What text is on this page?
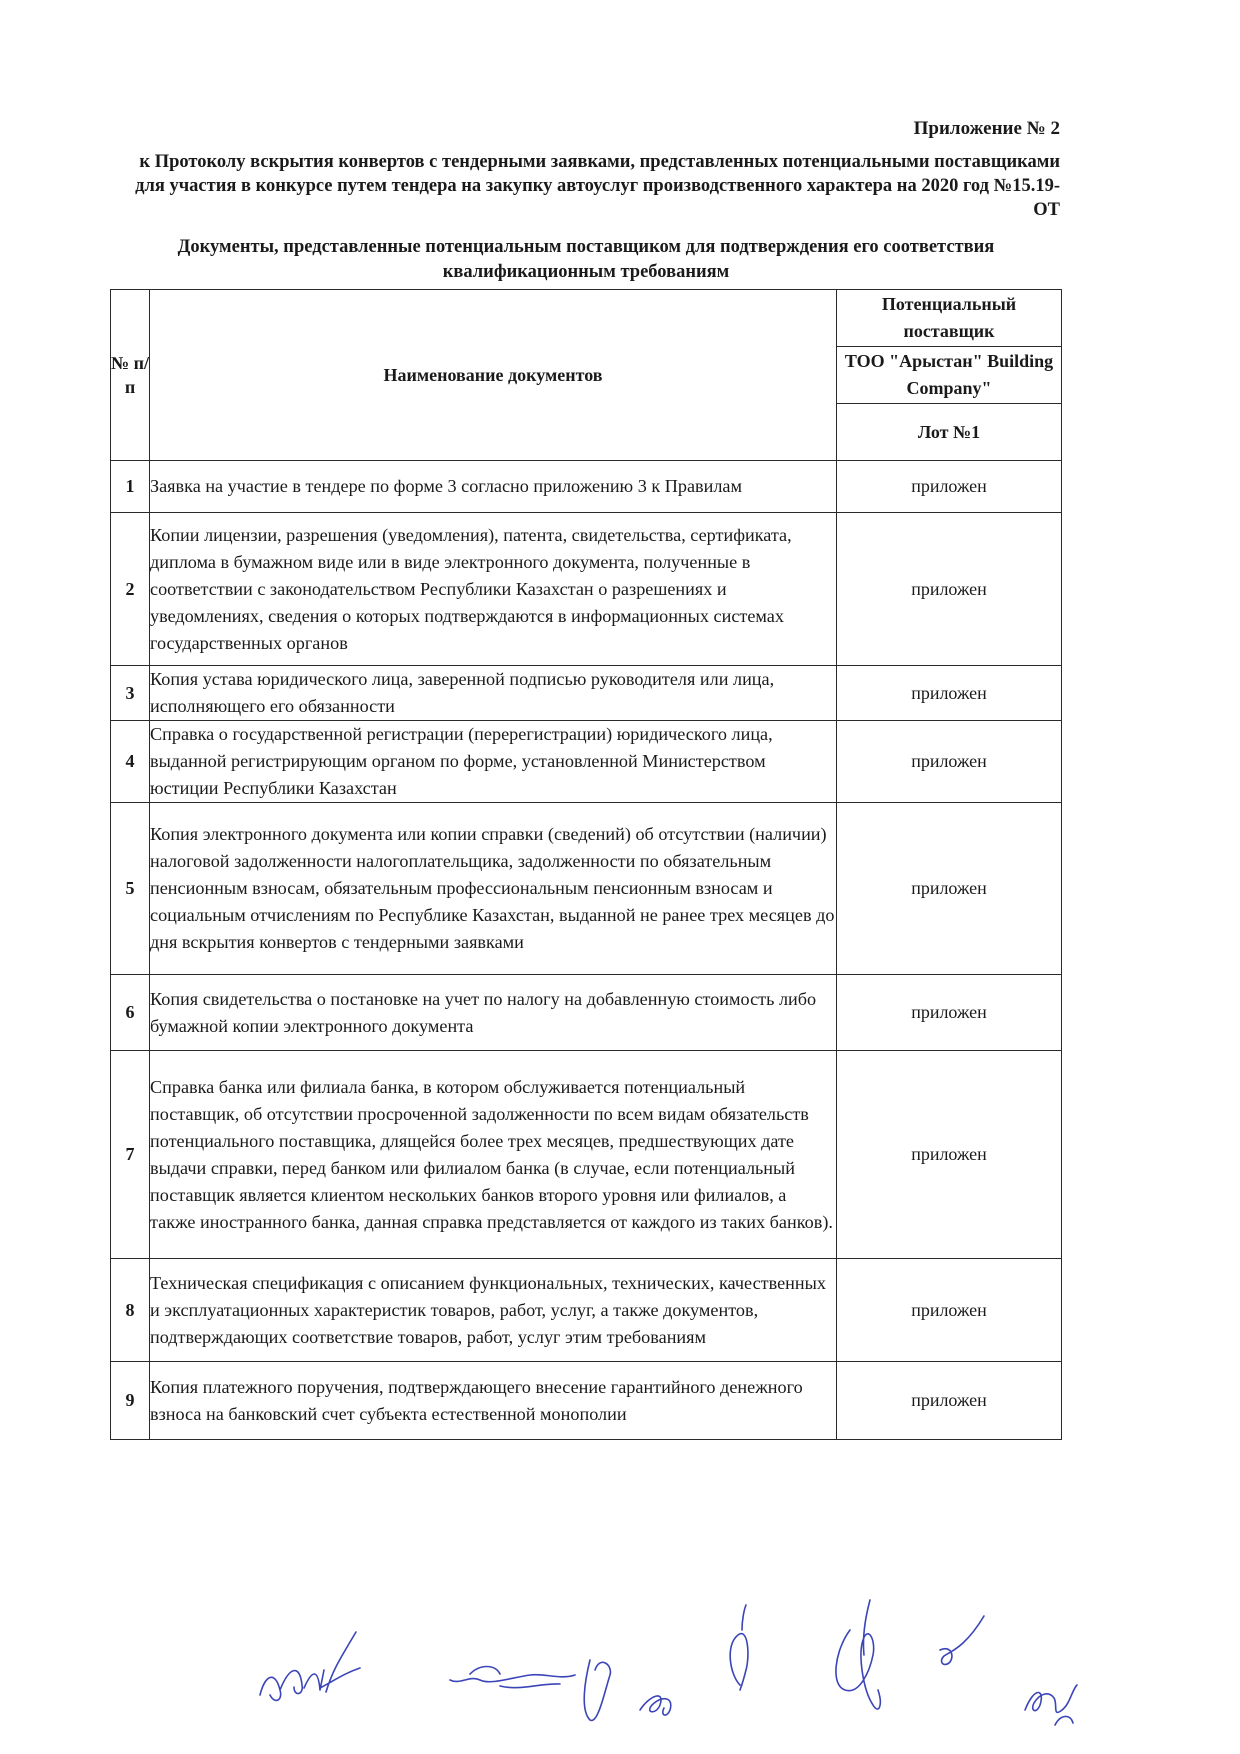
Приложение № 2
к Протоколу вскрытия конвертов с тендерными заявками, представленных потенциальными поставщиками для участия в конкурсе путем тендера на закупку автоуслуг производственного характера на 2020 год №15.19-ОТ
Документы, представленные потенциальным поставщиком для подтверждения его соответствия квалификационным требованиям
№ п/п	Наименование документов	Потенциальный поставщик
		ТОО "Арыстан" Building Company"
		Лот №1
1	Заявка на участие в тендере по форме 3 согласно приложению 3 к Правилам	приложен
2	Копии лицензии, разрешения (уведомления), патента, свидетельства, сертификата, диплома в бумажном виде или в виде электронного документа, полученные в соответствии с законодательством Республики Казахстан о разрешениях и уведомлениях, сведения о которых подтверждаются в информационных системах государственных органов	приложен
3	Копия устава юридического лица, заверенной подписью руководителя или лица, исполняющего его обязанности	приложен
4	Справка о государственной регистрации (перерегистрации) юридического лица, выданной регистрирующим органом по форме, установленной Министерством юстиции Республики Казахстан	приложен
5	Копия электронного документа или копии справки (сведений) об отсутствии (наличии) налоговой задолженности налогоплательщика, задолженности по обязательным пенсионным взносам, обязательным профессиональным пенсионным взносам и социальным отчислениям по Республике Казахстан, выданной не ранее трех месяцев до дня вскрытия конвертов с тендерными заявками	приложен
6	Копия свидетельства о постановке на учет по налогу на добавленную стоимость либо бумажной копии электронного документа	приложен
7	Справка банка или филиала банка, в котором обслуживается потенциальный поставщик, об отсутствии просроченной задолженности по всем видам обязательств потенциального поставщика, длящейся более трех месяцев, предшествующих дате выдачи справки, перед банком или филиалом банка (в случае, если потенциальный поставщик является клиентом нескольких банков второго уровня или филиалов, а также иностранного банка, данная справка представляется от каждого из таких банков).	приложен
8	Техническая спецификация с описанием функциональных, технических, качественных и эксплуатационных характеристик товаров, работ, услуг, а также документов, подтверждающих соответствие товаров, работ, услуг этим требованиям	приложен
9	Копия платежного поручения, подтверждающего внесение гарантийного денежного взноса на банковский счет субъекта естественной монополии	приложен
